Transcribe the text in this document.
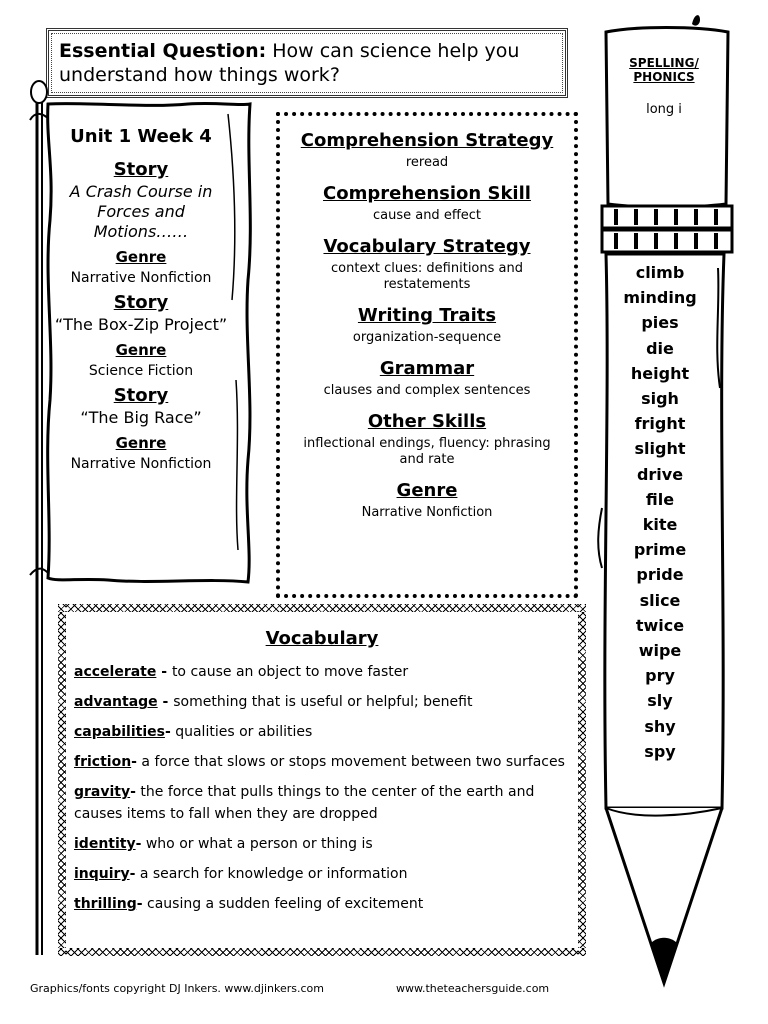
Essential Question: How can science help you understand how things work?
Unit 1 Week 4
Story
A Crash Course in Forces and Motions……
Genre
Narrative Nonfiction
Story
“The Box-Zip Project”
Genre
Science Fiction
Story
“The Big Race”
Genre
Narrative Nonfiction
Comprehension Strategy
reread
Comprehension Skill
cause and effect
Vocabulary Strategy
context clues: definitions and restatements
Writing Traits
organization-sequence
Grammar
clauses and complex sentences
Other Skills
inflectional endings, fluency: phrasing and rate
Genre
Narrative Nonfiction
Vocabulary
accelerate - to cause an object to move faster
advantage - something that is useful or helpful; benefit
capabilities- qualities or abilities
friction- a force that slows or stops movement between two surfaces
gravity- the force that pulls things to the center of the earth and causes items to fall when they are dropped
identity- who or what a person or thing is
inquiry- a search for knowledge or information
thrilling- causing a sudden feeling of excitement
SPELLING/
PHONICS
long i
climb
minding
pies
die
height
sigh
fright
slight
drive
file
kite
prime
pride
slice
twice
wipe
pry
sly
shy
spy
Graphics/fonts copyright DJ Inkers. www.djinkers.com	www.theteachersguide.com
